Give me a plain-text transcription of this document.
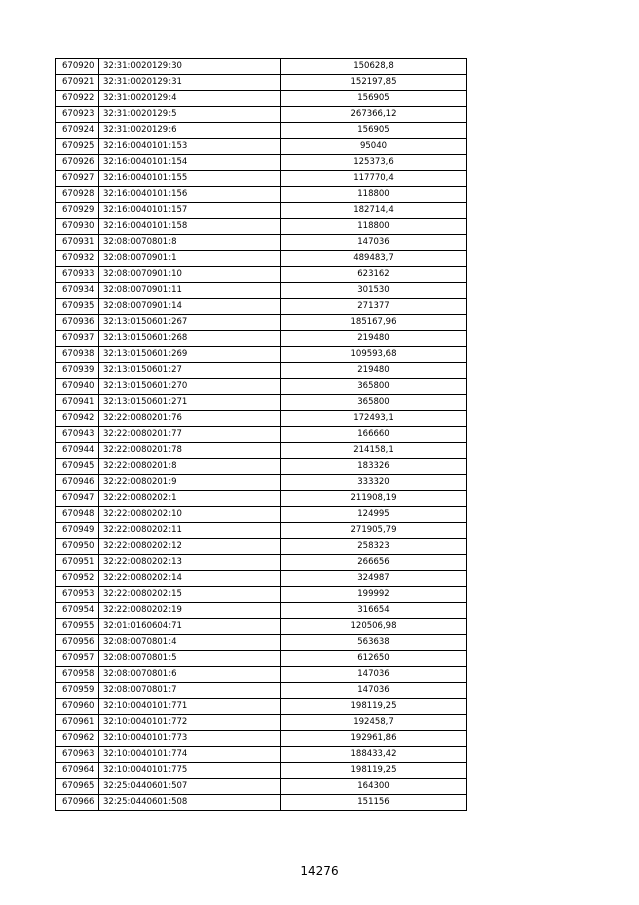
670920	32:31:0020129:30	150628,8
670921	32:31:0020129:31	152197,85
670922	32:31:0020129:4	156905
670923	32:31:0020129:5	267366,12
670924	32:31:0020129:6	156905
670925	32:16:0040101:153	95040
670926	32:16:0040101:154	125373,6
670927	32:16:0040101:155	117770,4
670928	32:16:0040101:156	118800
670929	32:16:0040101:157	182714,4
670930	32:16:0040101:158	118800
670931	32:08:0070801:8	147036
670932	32:08:0070901:1	489483,7
670933	32:08:0070901:10	623162
670934	32:08:0070901:11	301530
670935	32:08:0070901:14	271377
670936	32:13:0150601:267	185167,96
670937	32:13:0150601:268	219480
670938	32:13:0150601:269	109593,68
670939	32:13:0150601:27	219480
670940	32:13:0150601:270	365800
670941	32:13:0150601:271	365800
670942	32:22:0080201:76	172493,1
670943	32:22:0080201:77	166660
670944	32:22:0080201:78	214158,1
670945	32:22:0080201:8	183326
670946	32:22:0080201:9	333320
670947	32:22:0080202:1	211908,19
670948	32:22:0080202:10	124995
670949	32:22:0080202:11	271905,79
670950	32:22:0080202:12	258323
670951	32:22:0080202:13	266656
670952	32:22:0080202:14	324987
670953	32:22:0080202:15	199992
670954	32:22:0080202:19	316654
670955	32:01:0160604:71	120506,98
670956	32:08:0070801:4	563638
670957	32:08:0070801:5	612650
670958	32:08:0070801:6	147036
670959	32:08:0070801:7	147036
670960	32:10:0040101:771	198119,25
670961	32:10:0040101:772	192458,7
670962	32:10:0040101:773	192961,86
670963	32:10:0040101:774	188433,42
670964	32:10:0040101:775	198119,25
670965	32:25:0440601:507	164300
670966	32:25:0440601:508	151156
14276
